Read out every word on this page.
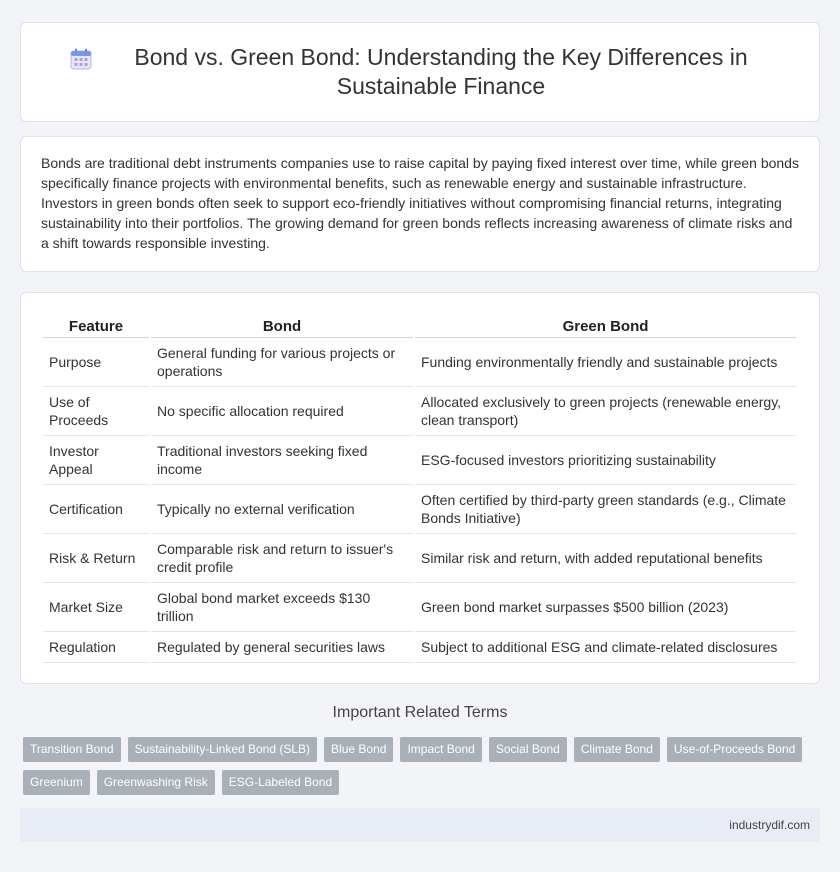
Bond vs. Green Bond: Understanding the Key Differences in Sustainable Finance

Bonds are traditional debt instruments companies use to raise capital by paying fixed interest over time, while green bonds specifically finance projects with environmental benefits, such as renewable energy and sustainable infrastructure. Investors in green bonds often seek to support eco-friendly initiatives without compromising financial returns, integrating sustainability into their portfolios. The growing demand for green bonds reflects increasing awareness of climate risks and a shift towards responsible investing.

Feature	Bond	Green Bond
Purpose	General funding for various projects or operations	Funding environmentally friendly and sustainable projects
Use of Proceeds	No specific allocation required	Allocated exclusively to green projects (renewable energy, clean transport)
Investor Appeal	Traditional investors seeking fixed income	ESG-focused investors prioritizing sustainability
Certification	Typically no external verification	Often certified by third-party green standards (e.g., Climate Bonds Initiative)
Risk & Return	Comparable risk and return to issuer's credit profile	Similar risk and return, with added reputational benefits
Market Size	Global bond market exceeds $130 trillion	Green bond market surpasses $500 billion (2023)
Regulation	Regulated by general securities laws	Subject to additional ESG and climate-related disclosures
Important Related Terms
Transition Bond	Sustainability-Linked Bond (SLB)	Blue Bond	Impact Bond	Social Bond	Climate Bond	Use-of-Proceeds Bond
Greenium	Greenwashing Risk	ESG-Labeled Bond
industrydif.com
